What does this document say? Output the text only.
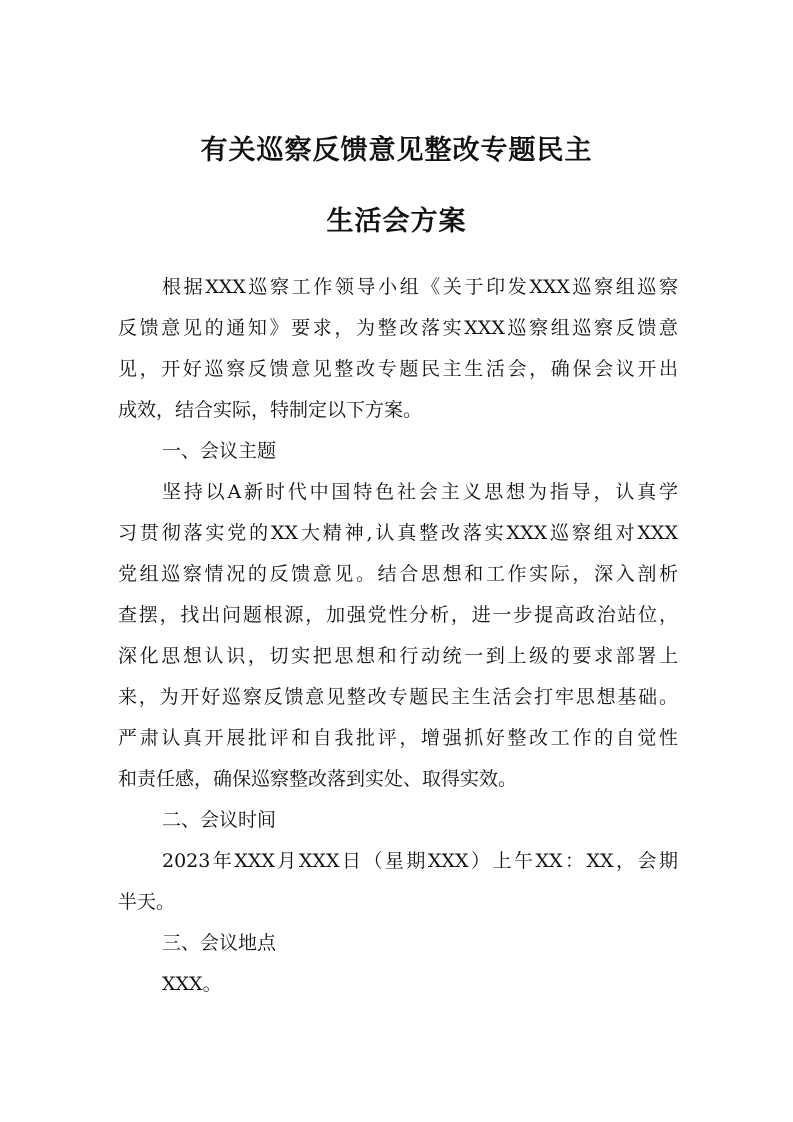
有关巡察反馈意见整改专题民主
生活会方案
根据XXX巡察工作领导小组《关于印发XXX巡察组巡察
反馈意见的通知》要求，为整改落实XXX巡察组巡察反馈意
见，开好巡察反馈意见整改专题民主生活会，确保会议开出
成效，结合实际，特制定以下方案。
一、会议主题
坚持以A新时代中国特色社会主义思想为指导，认真学
习贯彻落实党的XX大精神,认真整改落实XXX巡察组对XXX
党组巡察情况的反馈意见。结合思想和工作实际，深入剖析
查摆，找出问题根源，加强党性分析，进一步提高政治站位，
深化思想认识，切实把思想和行动统一到上级的要求部署上
来，为开好巡察反馈意见整改专题民主生活会打牢思想基础。
严肃认真开展批评和自我批评，增强抓好整改工作的自觉性
和责任感，确保巡察整改落到实处、取得实效。
二、会议时间
2023年XXX月XXX日（星期XXX）上午XX：XX，会期
半天。
三、会议地点
XXX。
